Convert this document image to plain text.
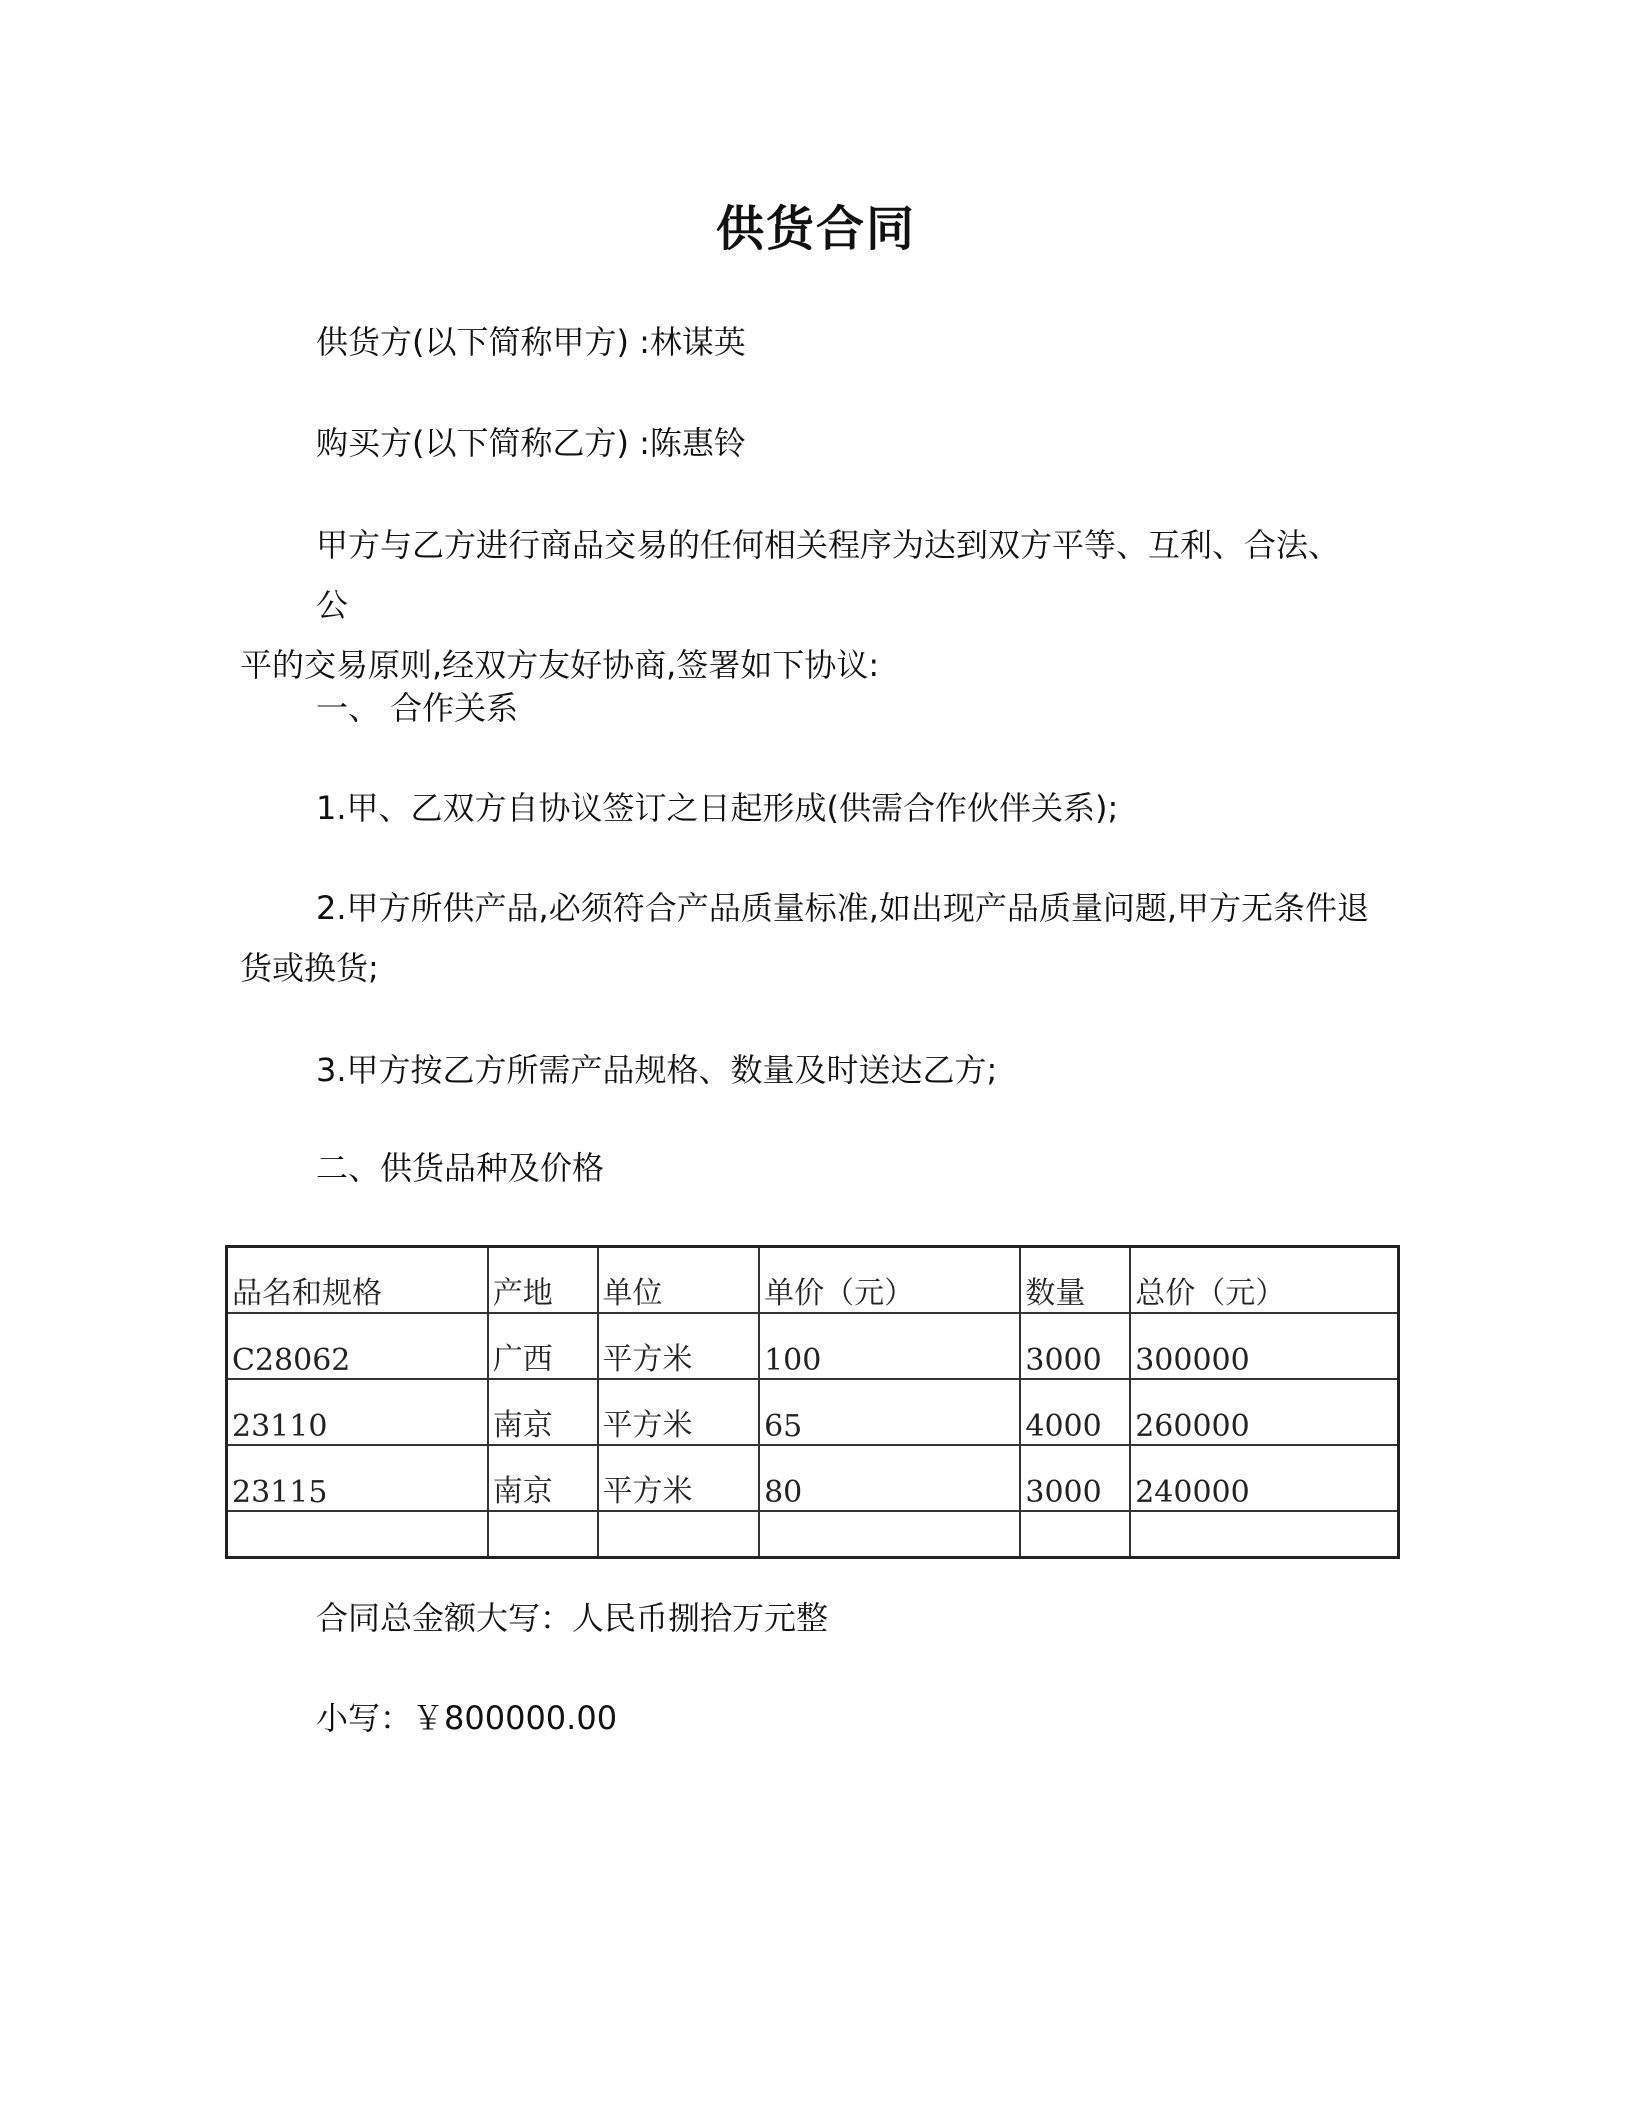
供货合同
供货方(以下简称甲方) :林谋英
购买方(以下简称乙方) :陈惠铃
甲方与乙方进行商品交易的任何相关程序为达到双方平等、互利、合法、公
平的交易原则,经双方友好协商,签署如下协议:
一、 合作关系
1.甲、乙双方自协议签订之日起形成(供需合作伙伴关系);
2.甲方所供产品,必须符合产品质量标准,如出现产品质量问题,甲方无条件退
货或换货;
3.甲方按乙方所需产品规格、数量及时送达乙方;
二、供货品种及价格
品名和规格	产地	单位	单价（元）	数量	总价（元）
C28062	广西	平方米	100	3000	300000
23110	南京	平方米	65	4000	260000
23115	南京	平方米	80	3000	240000

合同总金额大写：人民币捌拾万元整
小写：￥800000.00
